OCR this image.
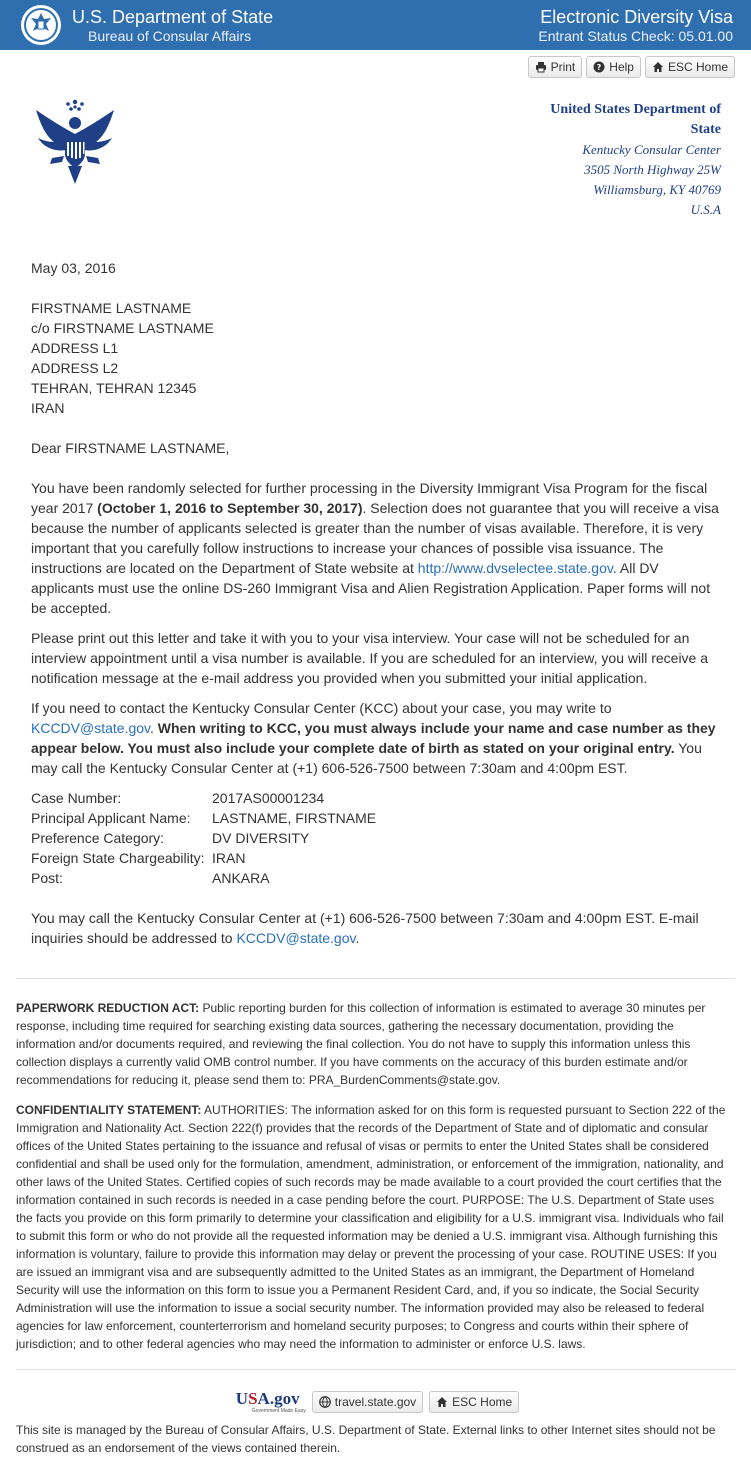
U.S. Department of State
Bureau of Consular Affairs
Electronic Diversity Visa
Entrant Status Check: 05.01.00
Print	? Help	ESC Home
United States Department of
State
Kentucky Consular Center
3505 North Highway 25W
Williamsburg, KY 40769
U.S.A

May 03, 2016

FIRSTNAME LASTNAME
c/o FIRSTNAME LASTNAME
ADDRESS L1
ADDRESS L2
TEHRAN, TEHRAN 12345
IRAN

Dear FIRSTNAME LASTNAME,

You have been randomly selected for further processing in the Diversity Immigrant Visa Program for the fiscal year 2017 (October 1, 2016 to September 30, 2017). Selection does not guarantee that you will receive a visa because the number of applicants selected is greater than the number of visas available. Therefore, it is very important that you carefully follow instructions to increase your chances of possible visa issuance. The instructions are located on the Department of State website at http://www.dvselectee.state.gov. All DV applicants must use the online DS-260 Immigrant Visa and Alien Registration Application. Paper forms will not be accepted.

Please print out this letter and take it with you to your visa interview. Your case will not be scheduled for an interview appointment until a visa number is available. If you are scheduled for an interview, you will receive a notification message at the e-mail address you provided when you submitted your initial application.

If you need to contact the Kentucky Consular Center (KCC) about your case, you may write to KCCDV@state.gov. When writing to KCC, you must always include your name and case number as they appear below. You must also include your complete date of birth as stated on your original entry. You may call the Kentucky Consular Center at (+1) 606-526-7500 between 7:30am and 4:00pm EST.

Case Number:	2017AS00001234
Principal Applicant Name:	LASTNAME, FIRSTNAME
Preference Category:	DV DIVERSITY
Foreign State Chargeability:	IRAN
Post:	ANKARA

You may call the Kentucky Consular Center at (+1) 606-526-7500 between 7:30am and 4:00pm EST. E-mail inquiries should be addressed to KCCDV@state.gov.

PAPERWORK REDUCTION ACT: Public reporting burden for this collection of information is estimated to average 30 minutes per response, including time required for searching existing data sources, gathering the necessary documentation, providing the information and/or documents required, and reviewing the final collection. You do not have to supply this information unless this collection displays a currently valid OMB control number. If you have comments on the accuracy of this burden estimate and/or recommendations for reducing it, please send them to: PRA_BurdenComments@state.gov.

CONFIDENTIALITY STATEMENT: AUTHORITIES: The information asked for on this form is requested pursuant to Section 222 of the Immigration and Nationality Act. Section 222(f) provides that the records of the Department of State and of diplomatic and consular offices of the United States pertaining to the issuance and refusal of visas or permits to enter the United States shall be considered confidential and shall be used only for the formulation, amendment, administration, or enforcement of the immigration, nationality, and other laws of the United States. Certified copies of such records may be made available to a court provided the court certifies that the information contained in such records is needed in a case pending before the court. PURPOSE: The U.S. Department of State uses the facts you provide on this form primarily to determine your classification and eligibility for a U.S. immigrant visa. Individuals who fail to submit this form or who do not provide all the requested information may be denied a U.S. immigrant visa. Although furnishing this information is voluntary, failure to provide this information may delay or prevent the processing of your case. ROUTINE USES: If you are issued an immigrant visa and are subsequently admitted to the United States as an immigrant, the Department of Homeland Security will use the information on this form to issue you a Permanent Resident Card, and, if you so indicate, the Social Security Administration will use the information to issue a social security number. The information provided may also be released to federal agencies for law enforcement, counterterrorism and homeland security purposes; to Congress and courts within their sphere of jurisdiction; and to other federal agencies who may need the information to administer or enforce U.S. laws.

USA.gov
Government Made Easy
travel.state.gov	ESC Home
This site is managed by the Bureau of Consular Affairs, U.S. Department of State. External links to other Internet sites should not be construed as an endorsement of the views contained therein.
